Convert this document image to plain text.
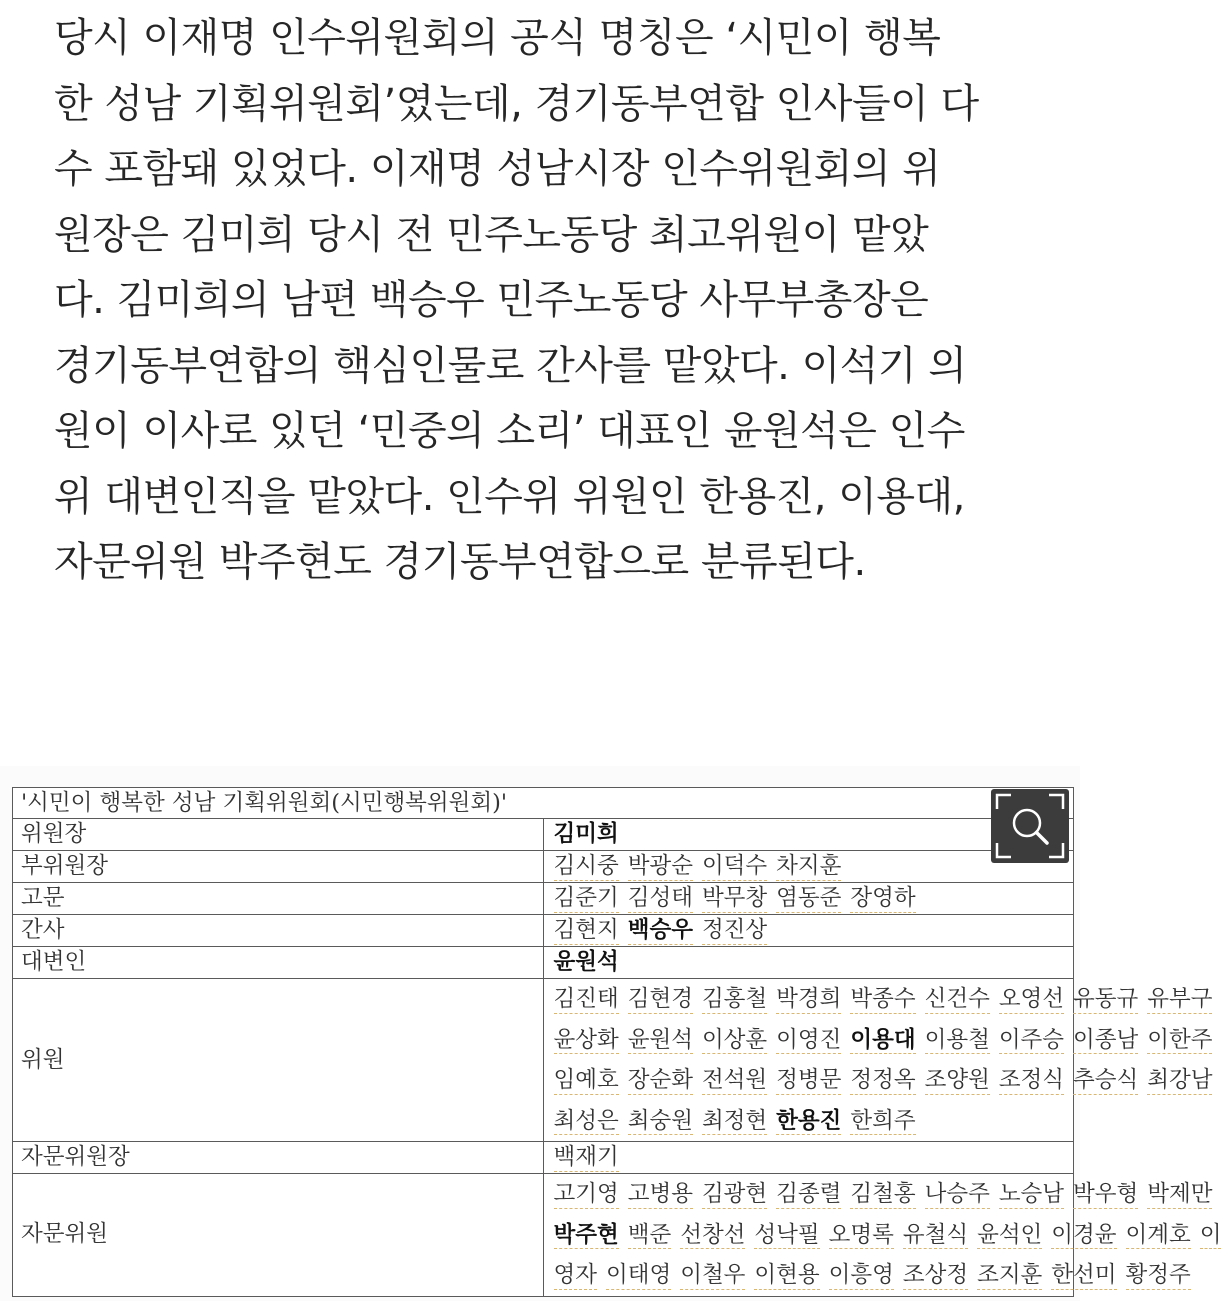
당시 이재명 인수위원회의 공식 명칭은 ‘시민이 행복

한 성남 기획위원회’였는데, 경기동부연합 인사들이 다

수 포함돼 있었다. 이재명 성남시장 인수위원회의 위

원장은 김미희 당시 전 민주노동당 최고위원이 맡았

다. 김미희의 남편 백승우 민주노동당 사무부총장은

경기동부연합의 핵심인물로 간사를 맡았다. 이석기 의

원이 이사로 있던 ‘민중의 소리’ 대표인 윤원석은 인수

위 대변인직을 맡았다. 인수위 위원인 한용진, 이용대,

자문위원 박주현도 경기동부연합으로 분류된다.

'시민이 행복한 성남 기획위원회(시민행복위원회)'	
위원장	김미희
부위원장	김시중 박광순 이덕수 차지훈
고문	김준기 김성태 박무창 염동준 장영하
간사	김현지 백승우 정진상
대변인	윤원석
위원	김진태 김현경 김홍철 박경희 박종수 신건수 오영선 유동규 유부구
윤상화 윤원석 이상훈 이영진 이용대 이용철 이주승 이종남 이한주
임예호 장순화 전석원 정병문 정정옥 조양원 조정식 추승식 최강남
최성은 최숭원 최정현 한용진 한희주

자문위원장	백재기
자문위원	고기영 고병용 김광현 김종렬 김철홍 나승주 노승남 박우형 박제만
박주현 백준 선창선 성낙필 오명록 유철식 윤석인 이경윤 이계호 이
영자 이태영 이철우 이현용 이흥영 조상정 조지훈 한선미 황정주
